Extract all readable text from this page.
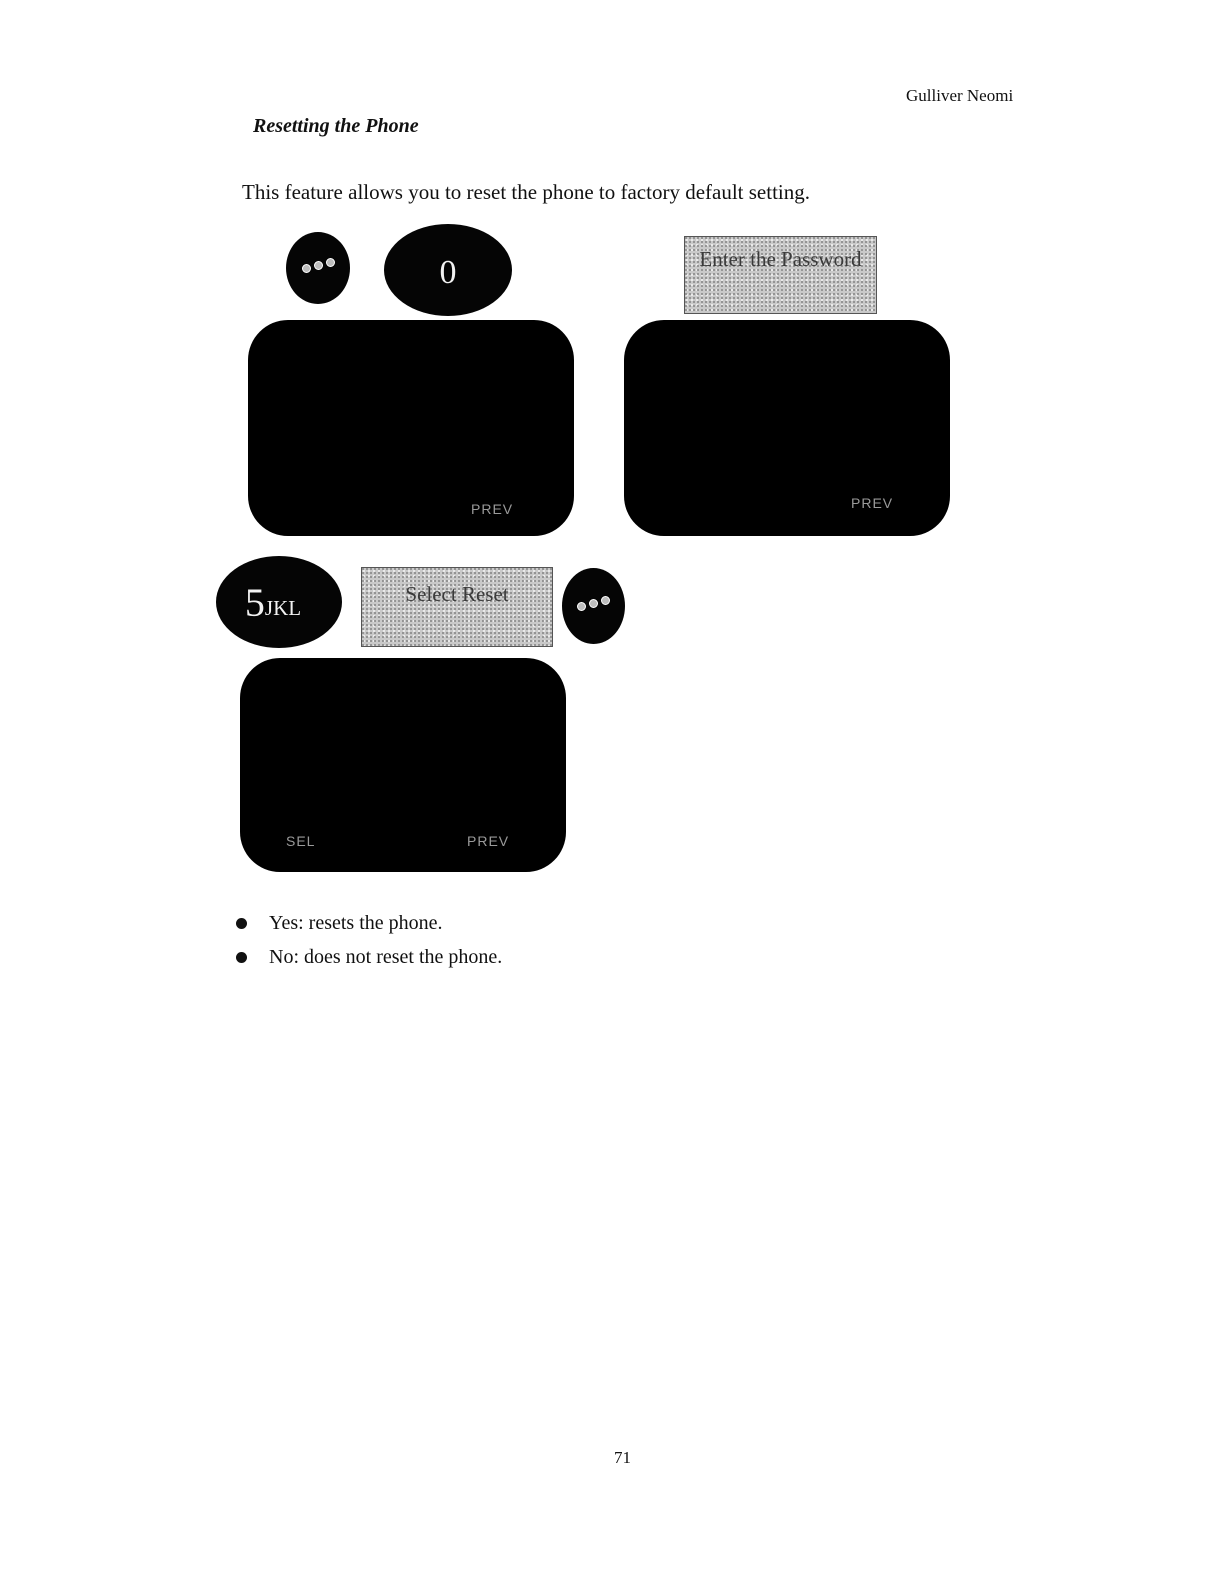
Gulliver Neomi
Resetting the Phone
This feature allows you to reset the phone to factory default setting.
0	Enter the Password
PREV	PREV
5 JKL
Select Reset
SEL	PREV
Yes: resets the phone.
No: does not reset the phone.
71
